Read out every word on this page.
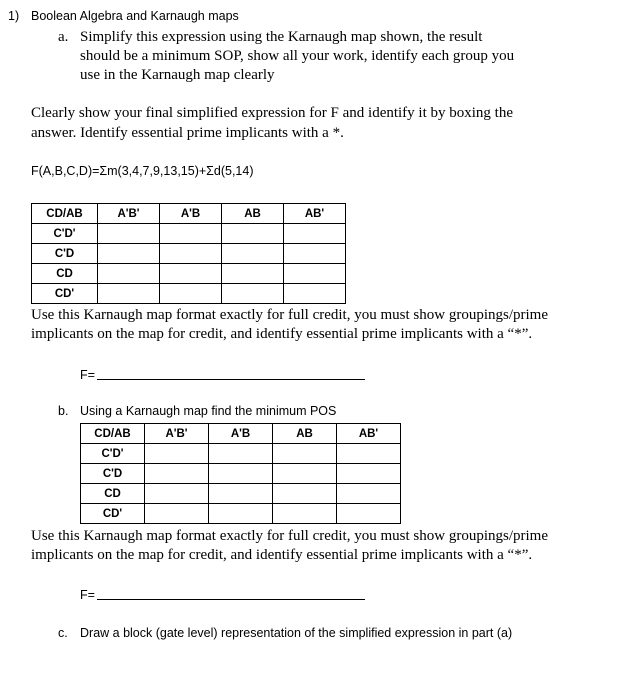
1) Boolean Algebra and Karnaugh maps
a. Simplify this expression using the Karnaugh map shown, the result
should be a minimum SOP, show all your work, identify each group you
use in the Karnaugh map clearly
Clearly show your final simplified expression for F and identify it by boxing the
answer. Identify essential prime implicants with a *.
F(A,B,C,D)=Σm(3,4,7,9,13,15)+Σd(5,14)
CD/AB	A'B'	A'B	AB	AB'
C'D'				
C'D				
CD				
CD'				
Use this Karnaugh map format exactly for full credit, you must show groupings/prime
implicants on the map for credit, and identify essential prime implicants with a “*”.
F=
b. Using a Karnaugh map find the minimum POS
CD/AB	A'B'	A'B	AB	AB'
C'D'				
C'D				
CD				
CD'				
Use this Karnaugh map format exactly for full credit, you must show groupings/prime
implicants on the map for credit, and identify essential prime implicants with a “*”.
F=
c. Draw a block (gate level) representation of the simplified expression in part (a)
